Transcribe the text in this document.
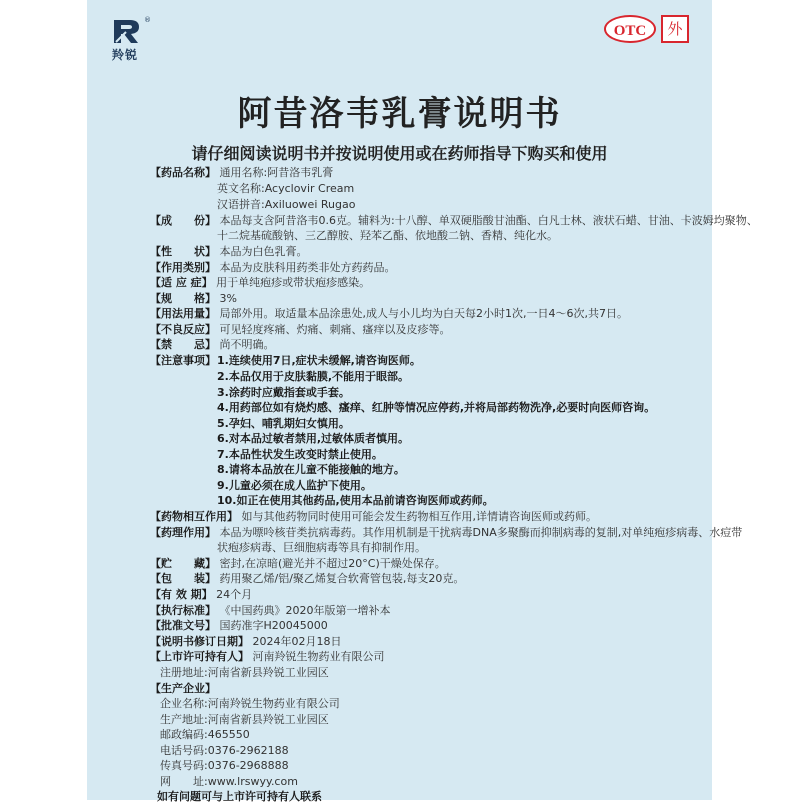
®
羚锐
OTC	外
阿昔洛韦乳膏说明书
请仔细阅读说明书并按说明使用或在药师指导下购买和使用
【药品名称】 通用名称:阿昔洛韦乳膏
英文名称:Acyclovir Cream
汉语拼音:Axiluowei Rugao
【成　　份】 本品每支含阿昔洛韦0.6克。辅料为:十八醇、单双硬脂酸甘油酯、白凡士林、液状石蜡、甘油、卡波姆均聚物、
十二烷基硫酸钠、三乙醇胺、羟苯乙酯、依地酸二钠、香精、纯化水。
【性　　状】 本品为白色乳膏。
【作用类别】 本品为皮肤科用药类非处方药药品。
【适 应 症】 用于单纯疱疹或带状疱疹感染。
【规　　格】 3%
【用法用量】 局部外用。取适量本品涂患处,成人与小儿均为白天每2小时1次,一日4～6次,共7日。
【不良反应】 可见轻度疼痛、灼痛、刺痛、瘙痒以及皮疹等。
【禁　　忌】 尚不明确。
【注意事项】 1.连续使用7日,症状未缓解,请咨询医师。
2.本品仅用于皮肤黏膜,不能用于眼部。
3.涂药时应戴指套或手套。
4.用药部位如有烧灼感、瘙痒、红肿等情况应停药,并将局部药物洗净,必要时向医师咨询。
5.孕妇、哺乳期妇女慎用。
6.对本品过敏者禁用,过敏体质者慎用。
7.本品性状发生改变时禁止使用。
8.请将本品放在儿童不能接触的地方。
9.儿童必须在成人监护下使用。
10.如正在使用其他药品,使用本品前请咨询医师或药师。
【药物相互作用】 如与其他药物同时使用可能会发生药物相互作用,详情请咨询医师或药师。
【药理作用】 本品为嘌呤核苷类抗病毒药。其作用机制是干扰病毒DNA多聚酶而抑制病毒的复制,对单纯疱疹病毒、水痘带
状疱疹病毒、巨细胞病毒等具有抑制作用。
【贮　　藏】 密封,在凉暗(避光并不超过20°C)干燥处保存。
【包　　装】 药用聚乙烯/铝/聚乙烯复合软膏管包装,每支20克。
【有 效 期】 24个月
【执行标准】 《中国药典》2020年版第一增补本
【批准文号】 国药准字H20045000
【说明书修订日期】 2024年02月18日
【上市许可持有人】 河南羚锐生物药业有限公司
注册地址:河南省新县羚锐工业园区
【生产企业】
企业名称:河南羚锐生物药业有限公司
生产地址:河南省新县羚锐工业园区
邮政编码:465550
电话号码:0376-2962188
传真号码:0376-2968888
网　　址:www.lrswyy.com
如有问题可与上市许可持有人联系
